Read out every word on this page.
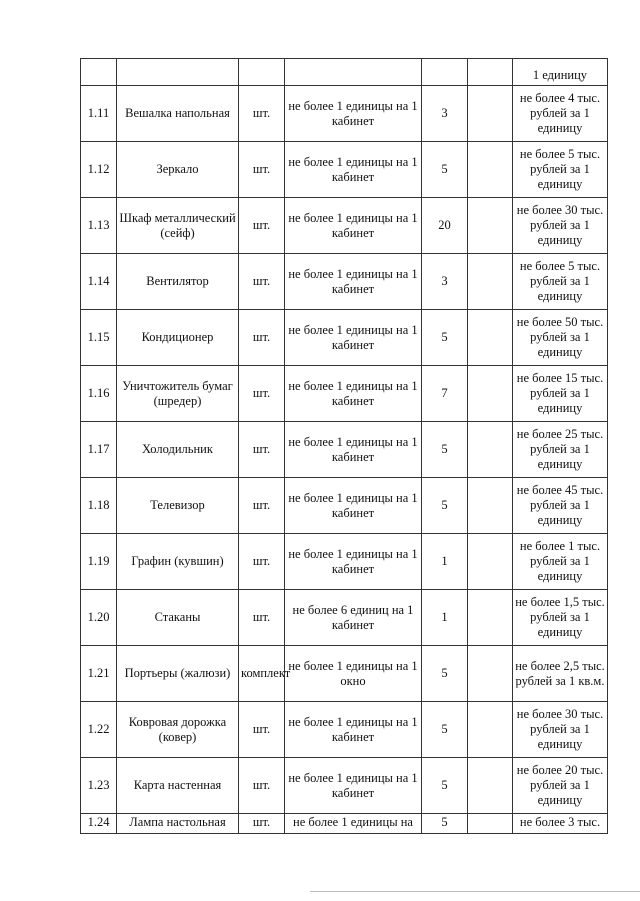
						1 единицу
1.11	Вешалка напольная	шт.	не более 1 единицы на 1 кабинет	3		не более 4 тыс. рублей за 1 единицу
1.12	Зеркало	шт.	не более 1 единицы на 1 кабинет	5		не более 5 тыс. рублей за 1 единицу
1.13	Шкаф металлический (сейф)	шт.	не более 1 единицы на 1 кабинет	20		не более 30 тыс. рублей за 1 единицу
1.14	Вентилятор	шт.	не более 1 единицы на 1 кабинет	3		не более 5 тыс. рублей за 1 единицу
1.15	Кондиционер	шт.	не более 1 единицы на 1 кабинет	5		не более 50 тыс. рублей за 1 единицу
1.16	Уничтожитель бумаг (шредер)	шт.	не более 1 единицы на 1 кабинет	7		не более 15 тыс. рублей за 1 единицу
1.17	Холодильник	шт.	не более 1 единицы на 1 кабинет	5		не более 25 тыс. рублей за 1 единицу
1.18	Телевизор	шт.	не более 1 единицы на 1 кабинет	5		не более 45 тыс. рублей за 1 единицу
1.19	Графин (кувшин)	шт.	не более 1 единицы на 1 кабинет	1		не более 1 тыс. рублей за 1 единицу
1.20	Стаканы	шт.	не более 6 единиц на 1 кабинет	1		не более 1,5 тыс. рублей за 1 единицу
1.21	Портьеры (жалюзи)	комплект	не более 1 единицы на 1 окно	5		не более 2,5 тыс. рублей за 1 кв.м.
1.22	Ковровая дорожка (ковер)	шт.	не более 1 единицы на 1 кабинет	5		не более 30 тыс. рублей за 1 единицу
1.23	Карта настенная	шт.	не более 1 единицы на 1 кабинет	5		не более 20 тыс. рублей за 1 единицу
1.24	Лампа настольная	шт.	не более 1 единицы на	5		не более 3 тыс.
